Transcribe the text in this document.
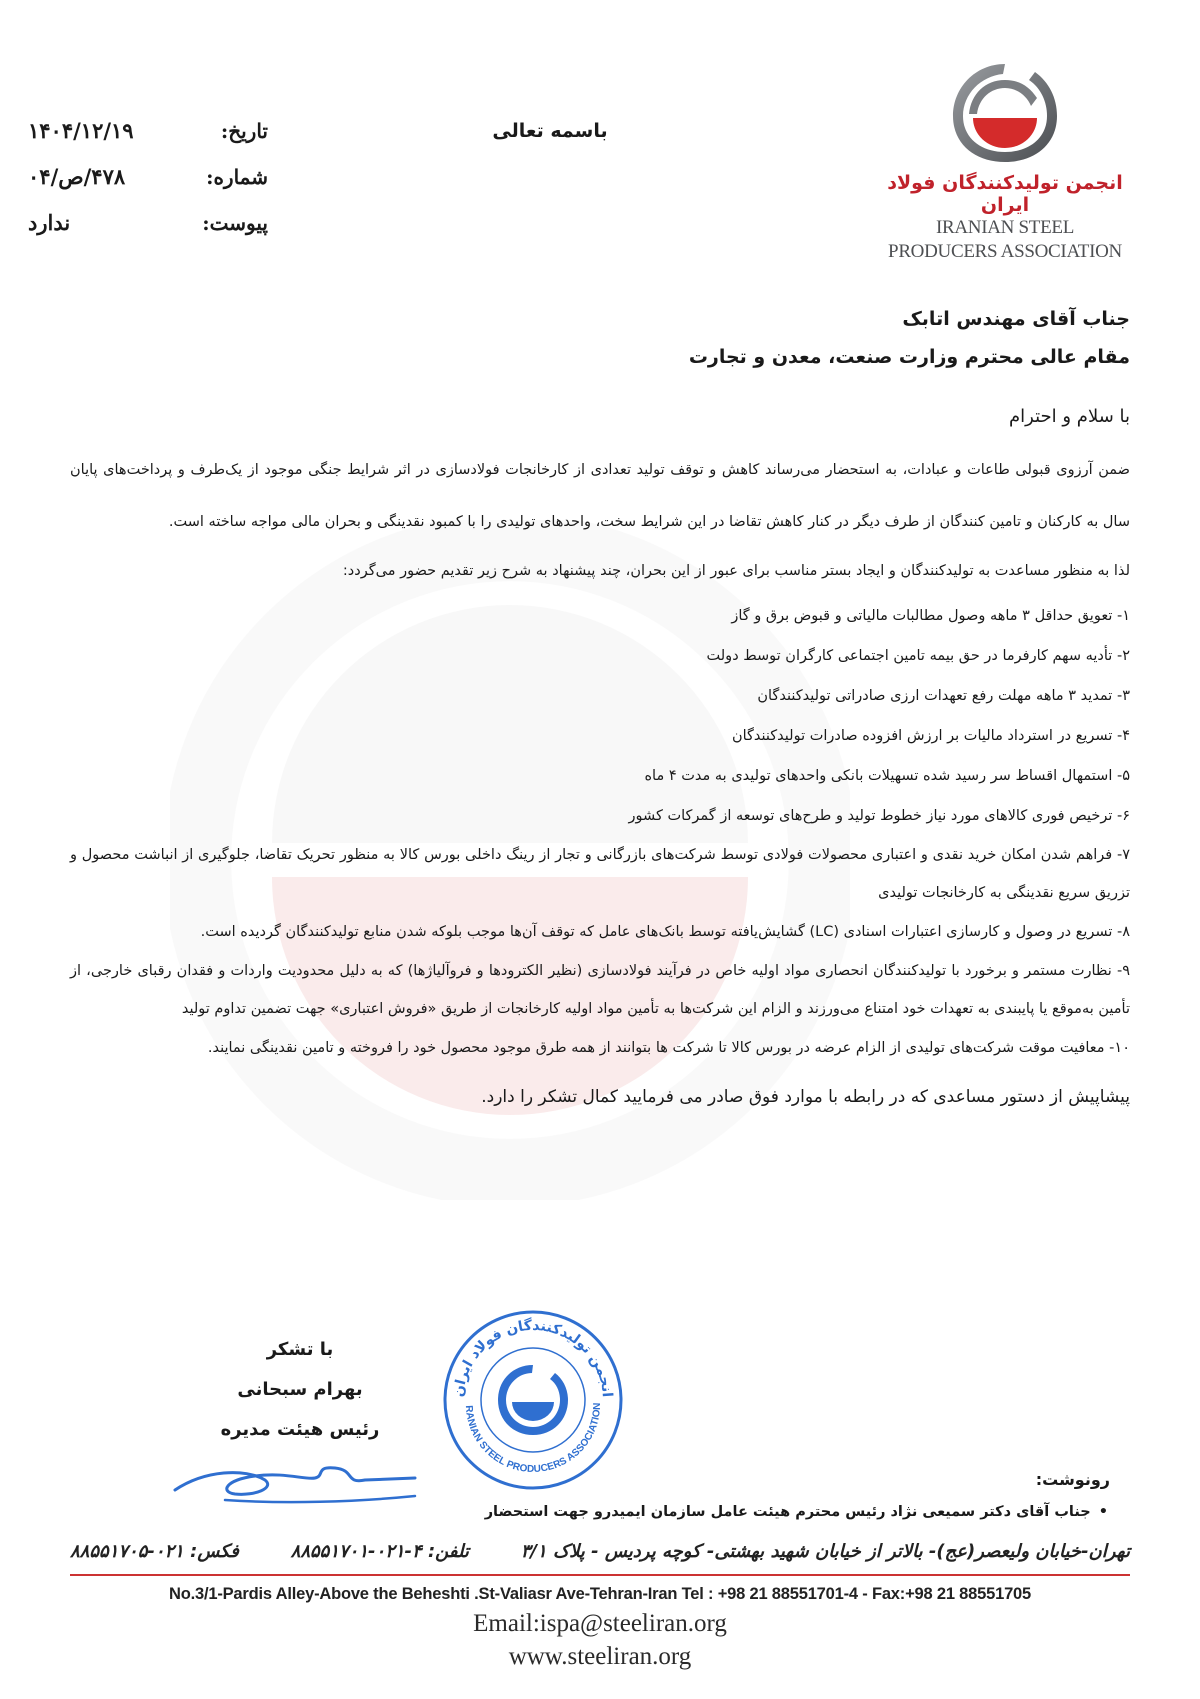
انجمن تولیدکنندگان فولاد ایران
IRANIAN STEEL
PRODUCERS ASSOCIATION
باسمه تعالی
تاریخ:
۱۴۰۴/۱۲/۱۹
شماره:
۴۷۸/ص/۰۴
پیوست:
ندارد
جناب آقای مهندس اتابک
مقام عالی محترم وزارت صنعت، معدن و تجارت
با سلام و احترام
ضمن آرزوی قبولی طاعات و عبادات، به استحضار می‌رساند کاهش و توقف تولید تعدادی از کارخانجات فولادسازی در اثر شرایط جنگی موجود از یک‌طرف و پرداخت‌های پایان سال به کارکنان و تامین کنندگان از طرف دیگر در کنار کاهش تقاضا در این شرایط سخت، واحدهای تولیدی را با کمبود نقدینگی و بحران مالی مواجه ساخته است.
لذا به منظور مساعدت به تولیدکنندگان و ایجاد بستر مناسب برای عبور از این بحران، چند پیشنهاد به شرح زیر تقدیم حضور می‌گردد:
۱- تعویق حداقل ۳ ماهه وصول مطالبات مالیاتی و قبوض برق و گاز
۲- تأدیه سهم کارفرما در حق بیمه تامین اجتماعی کارگران توسط دولت
۳- تمدید ۳ ماهه مهلت رفع تعهدات ارزی صادراتی تولیدکنندگان
۴- تسریع در استرداد مالیات بر ارزش افزوده صادرات تولیدکنندگان
۵- استمهال اقساط سر رسید شده تسهیلات بانکی واحدهای تولیدی به مدت ۴ ماه
۶- ترخیص فوری کالاهای مورد نیاز خطوط تولید و طرح‌های توسعه از گمرکات کشور
۷- فراهم شدن امکان خرید نقدی و اعتباری محصولات فولادی توسط شرکت‌های بازرگانی و تجار از رینگ داخلی بورس کالا به منظور تحریک تقاضا، جلوگیری از انباشت محصول و تزریق سریع نقدینگی به کارخانجات تولیدی
۸- تسریع در وصول و کارسازی اعتبارات اسنادی (LC) گشایش‌یافته توسط بانک‌های عامل که توقف آن‌ها موجب بلوکه شدن منابع تولیدکنندگان گردیده است.
۹- نظارت مستمر و برخورد با تولیدکنندگان انحصاری مواد اولیه خاص در فرآیند فولادسازی (نظیر الکترودها و فروآلیاژها) که به دلیل محدودیت واردات و فقدان رقبای خارجی، از تأمین به‌موقع یا پایبندی به تعهدات خود امتناع می‌ورزند و الزام این شرکت‌ها به تأمین مواد اولیه کارخانجات از طریق «فروش اعتباری» جهت تضمین تداوم تولید
۱۰- معافیت موقت شرکت‌های تولیدی از الزام عرضه در بورس کالا تا شرکت ها بتوانند از همه طرق موجود محصول خود را فروخته و تامین نقدینگی نمایند.
پیشاپیش از دستور مساعدی که در رابطه با موارد فوق صادر می فرمایید کمال تشکر را دارد.
با تشکر
بهرام سبحانی
رئیس هیئت مدیره
انجمن تولیدکنندگان فولاد ایران
RANIAN STEEL PRODUCERS ASSOCIATION
رونوشت:
• جناب آقای دکتر سمیعی نژاد رئیس محترم هیئت عامل سازمان ایمیدرو جهت استحضار
تهران-خیابان ولیعصر(عج)- بالاتر از خیابان شهید بهشتی- کوچه پردیس - پلاک ۳/۱
تلفن: ۴-۰۲۱-۸۸۵۵۱۷۰۱
فکس: ۰۲۱-۸۸۵۵۱۷۰۵
No.3/1-Pardis Alley-Above the Beheshti .St-Valiasr Ave-Tehran-Iran Tel : +98 21 88551701-4 - Fax:+98 21 88551705
Email:ispa@steeliran.org
www.steeliran.org
